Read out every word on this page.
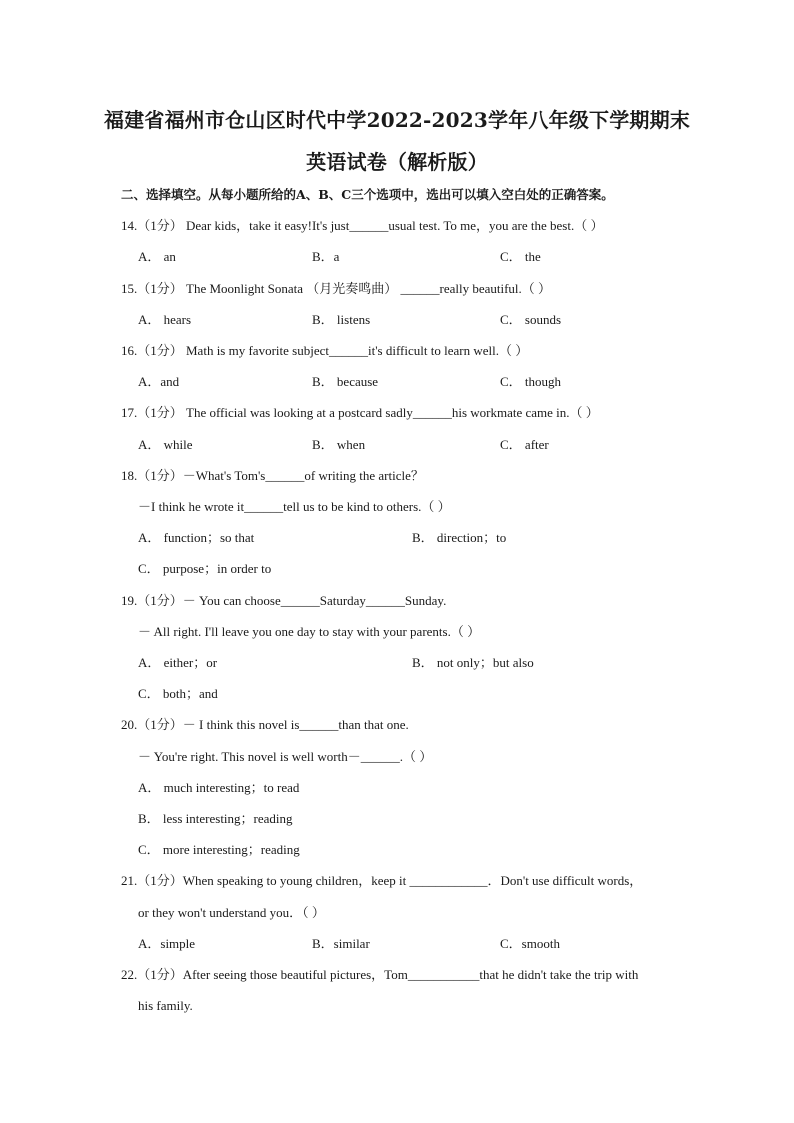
福建省福州市仓山区时代中学2022-2023学年八年级下学期期末
英语试卷（解析版）
二、选择填空。从每小题所给的A、B、C三个选项中，选出可以填入空白处的正确答案。
14.（1分） Dear kids，take it easy!It's just______usual test. To me，you are the best.（ ）
A． an	B．a	C． the
15.（1分） The Moonlight Sonata （月光奏鸣曲） ______really beautiful.（ ）
A． hears	B． listens	C． sounds
16.（1分） Math is my favorite subject______it's difficult to learn well.（ ）
A．and	B． because	C． though
17.（1分） The official was looking at a postcard sadly______his workmate came in.（ ）
A． while	B． when	C． after
18.（1分）－What's Tom's______of writing the article？
－I think he wrote it______tell us to be kind to others.（ ）
A． function；so that	B． direction；to
C． purpose；in order to
19.（1分）－ You can choose______Saturday______Sunday.
－ All right. I'll leave you one day to stay with your parents.（ ）
A． either；or	B． not only；but also
C． both；and
20.（1分）－ I think this novel is______than that one.
－ You're right. This novel is well worth－______.（ ）
A． much interesting；to read
B． less interesting；reading
C． more interesting；reading
21.（1分）When speaking to young children，keep it ____________．Don't use difficult words，
or they won't understand you．（ ）
A．simple	B．similar	C．smooth
22.（1分）After seeing those beautiful pictures，Tom___________that he didn't take the trip with
his family.
